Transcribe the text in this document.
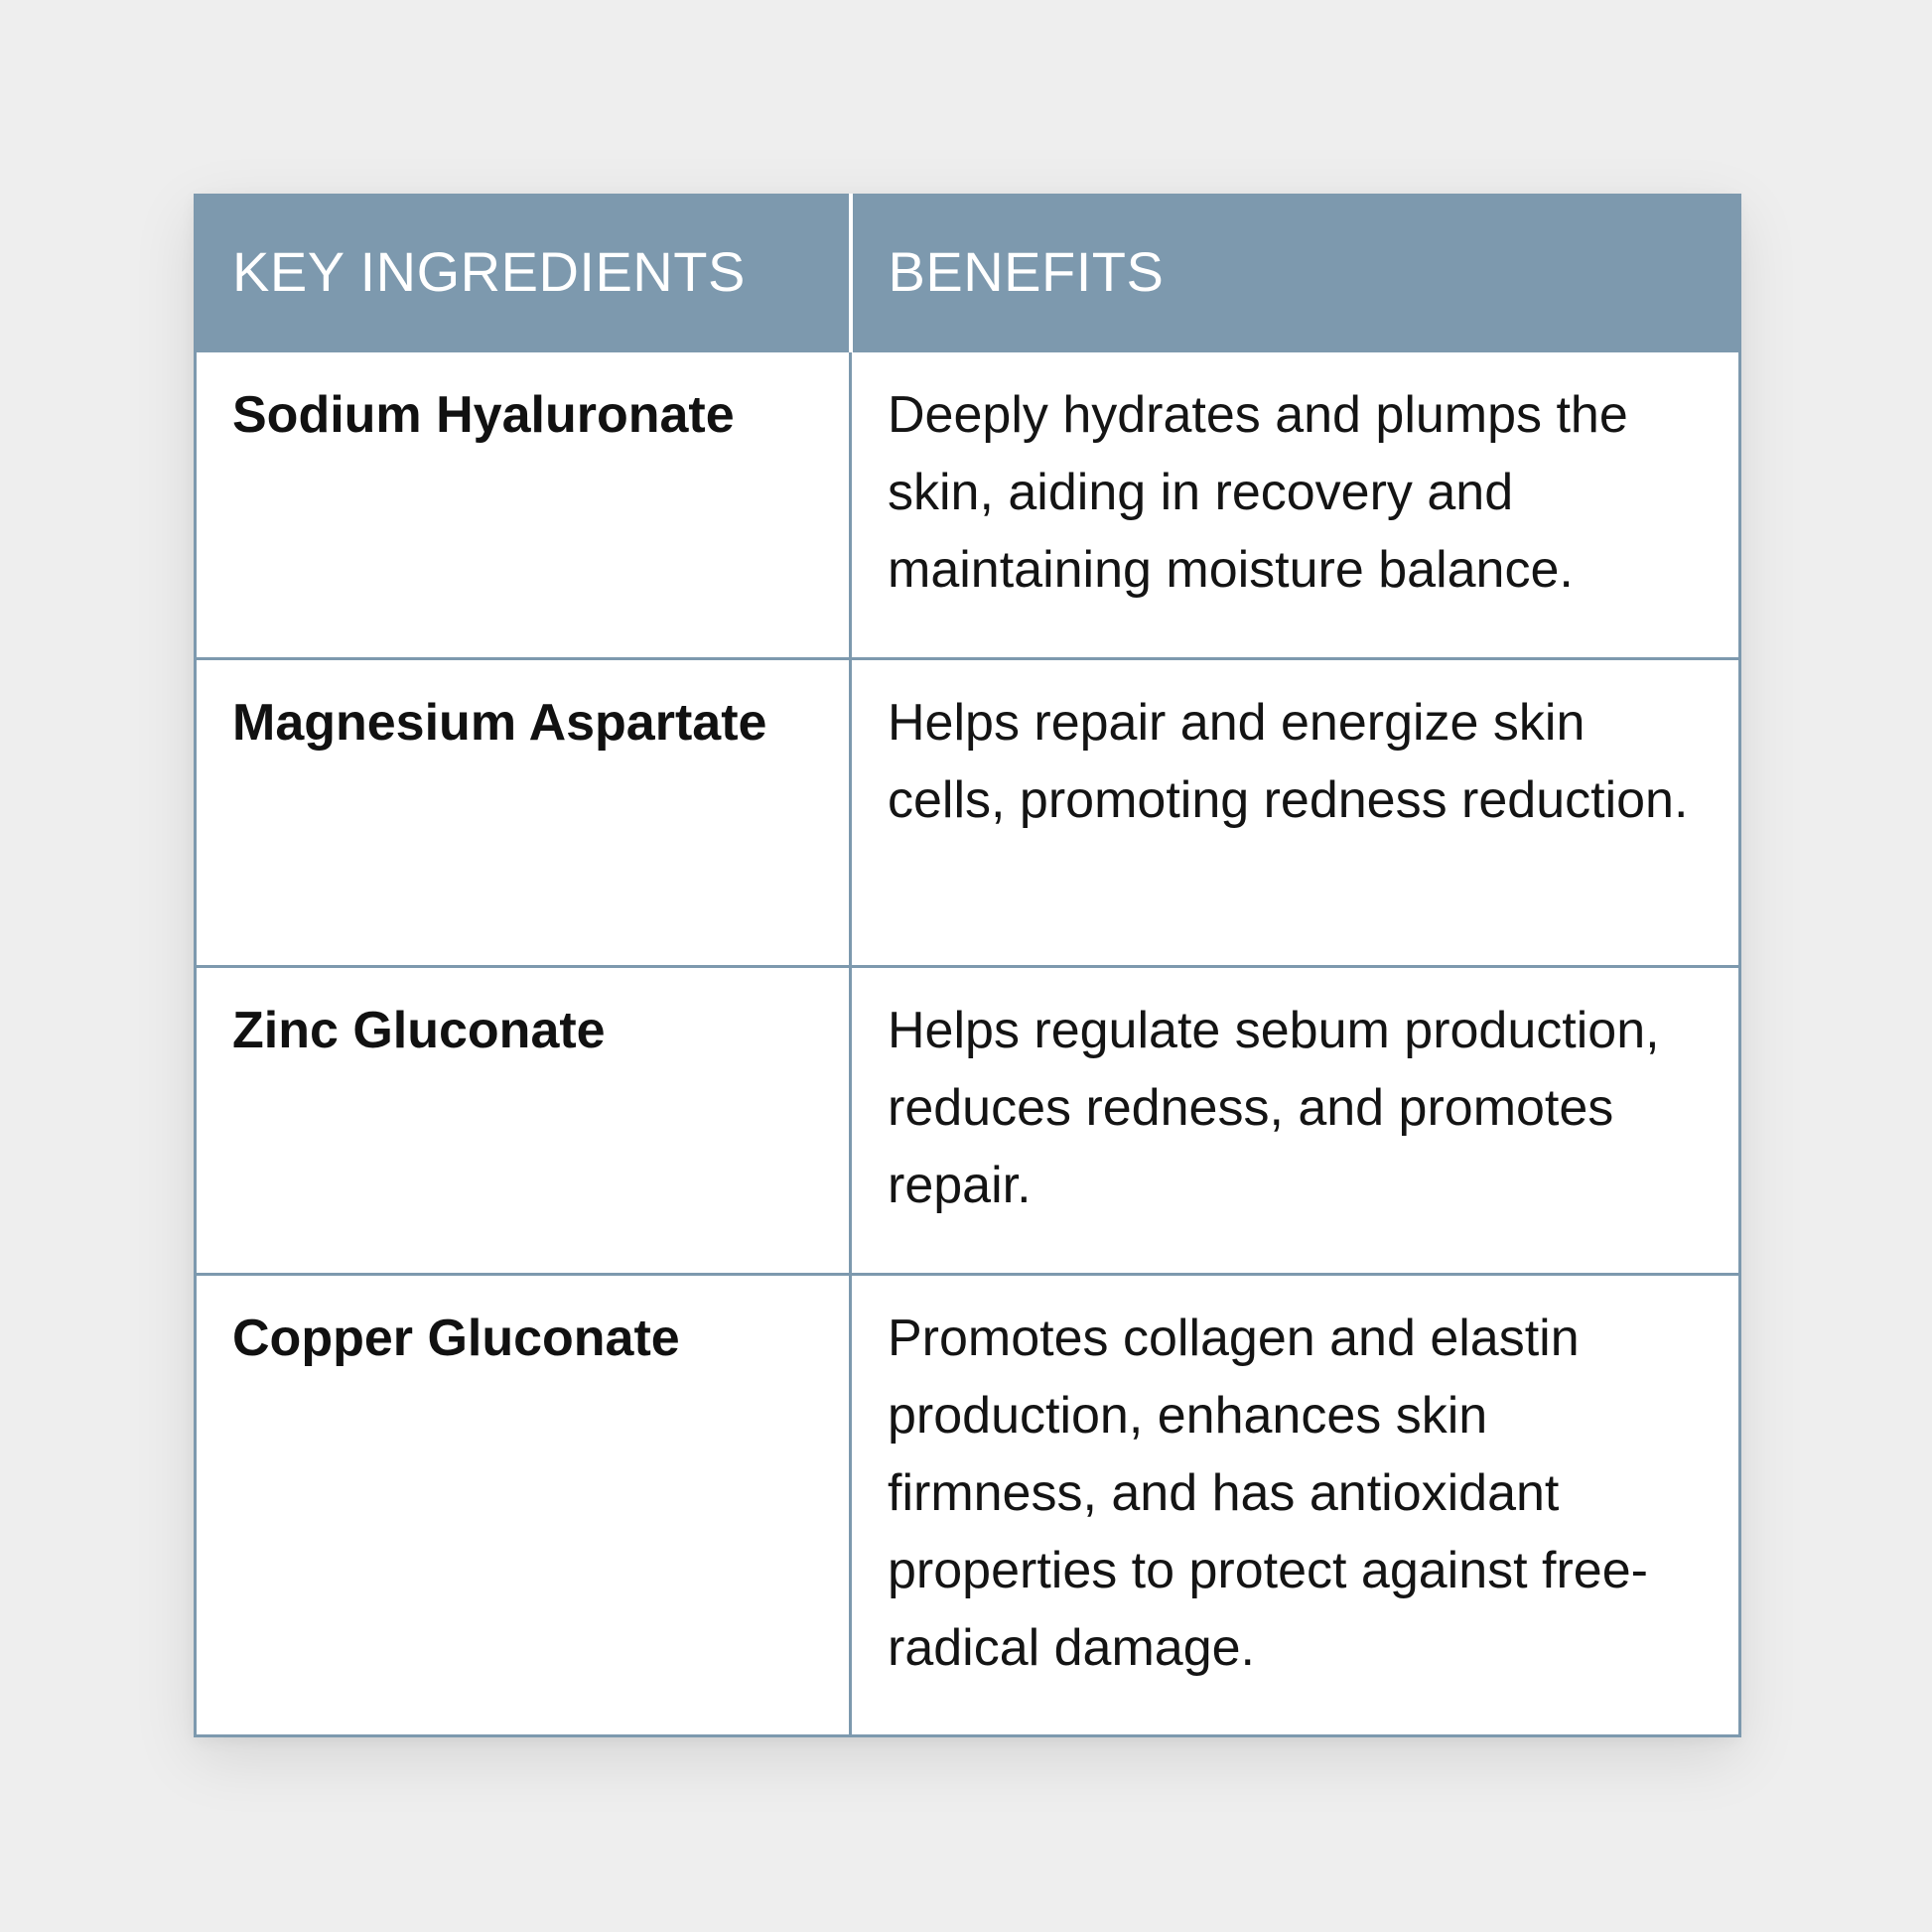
KEY INGREDIENTS	BENEFITS
Sodium Hyaluronate	Deeply hydrates and plumps the skin, aiding in recovery and maintaining moisture balance.
Magnesium Aspartate	Helps repair and energize skin cells, promoting redness reduction.
Zinc Gluconate	Helps regulate sebum production, reduces redness, and promotes repair.
Copper Gluconate	Promotes collagen and elastin production, enhances skin firmness, and has antioxidant properties to protect against free-radical damage.
